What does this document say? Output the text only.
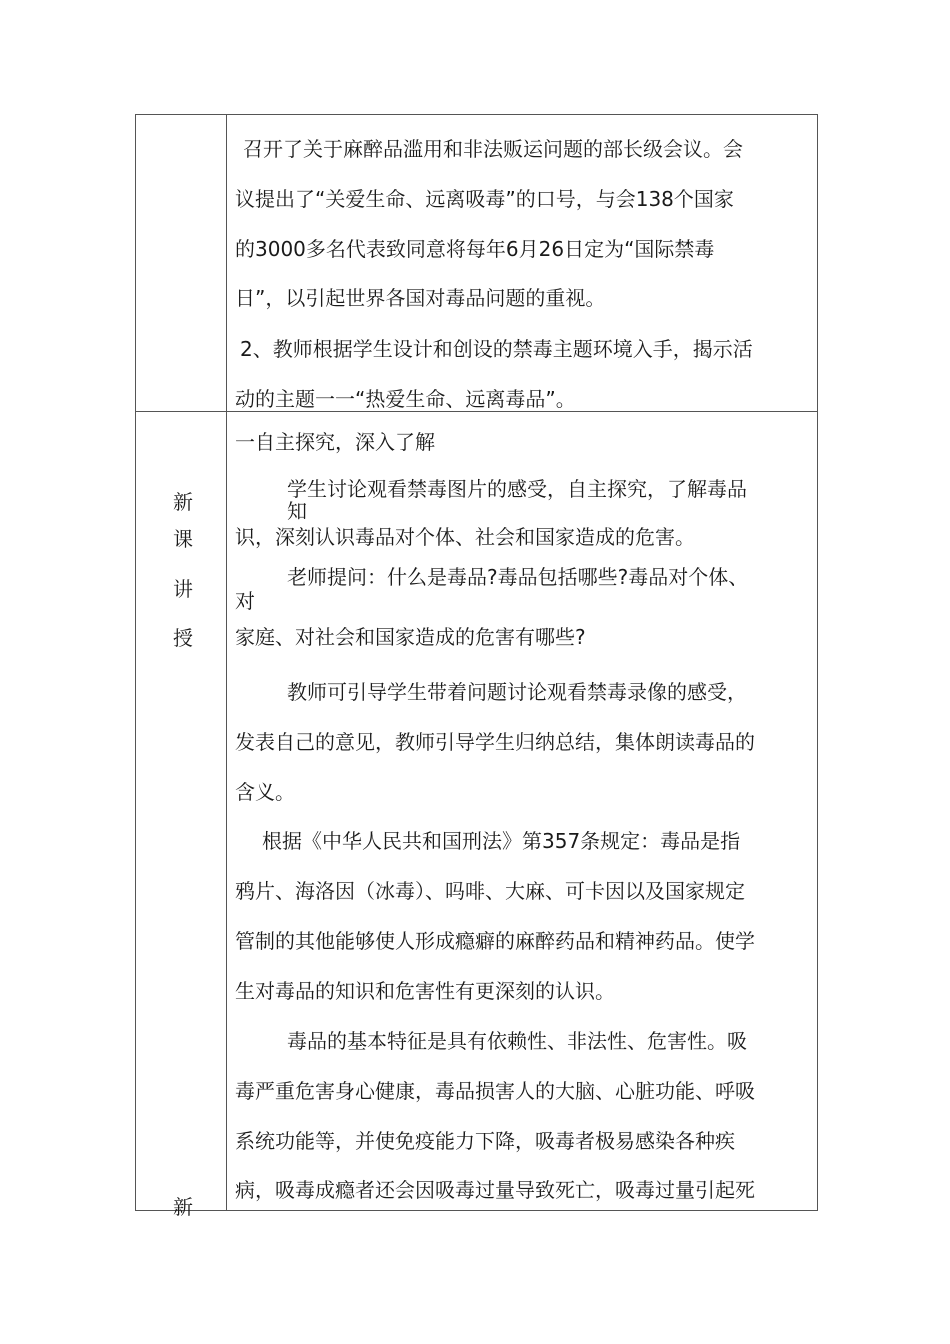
召开了关于麻醉品滥用和非法贩运问题的部长级会议。会
议提出了“关爱生命、远离吸毒”的口号，与会138个国家
的3000多名代表致同意将每年6月26日定为“国际禁毒
日”，以引起世界各国对毒品问题的重视。
2、教师根据学生设计和创设的禁毒主题环境入手，揭示活
动的主题一一“热爱生命、远离毒品”。
新
课
讲
授
新
一自主探究，深入了解
学生讨论观看禁毒图片的感受，自主探究，了解毒品
知
识，深刻认识毒品对个体、社会和国家造成的危害。
老师提问：什么是毒品?毒品包括哪些?毒品对个体、
对
家庭、对社会和国家造成的危害有哪些?
教师可引导学生带着问题讨论观看禁毒录像的感受，
发表自己的意见，教师引导学生归纳总结，集体朗读毒品的
含义。
根据《中华人民共和国刑法》第357条规定：毒品是指
鸦片、海洛因（冰毒）、吗啡、大麻、可卡因以及国家规定
管制的其他能够使人形成瘾癖的麻醉药品和精神药品。使学
生对毒品的知识和危害性有更深刻的认识。
毒品的基本特征是具有依赖性、非法性、危害性。吸
毒严重危害身心健康，毒品损害人的大脑、心脏功能、呼吸
系统功能等，并使免疫能力下降，吸毒者极易感染各种疾
病，吸毒成瘾者还会因吸毒过量导致死亡，吸毒过量引起死
